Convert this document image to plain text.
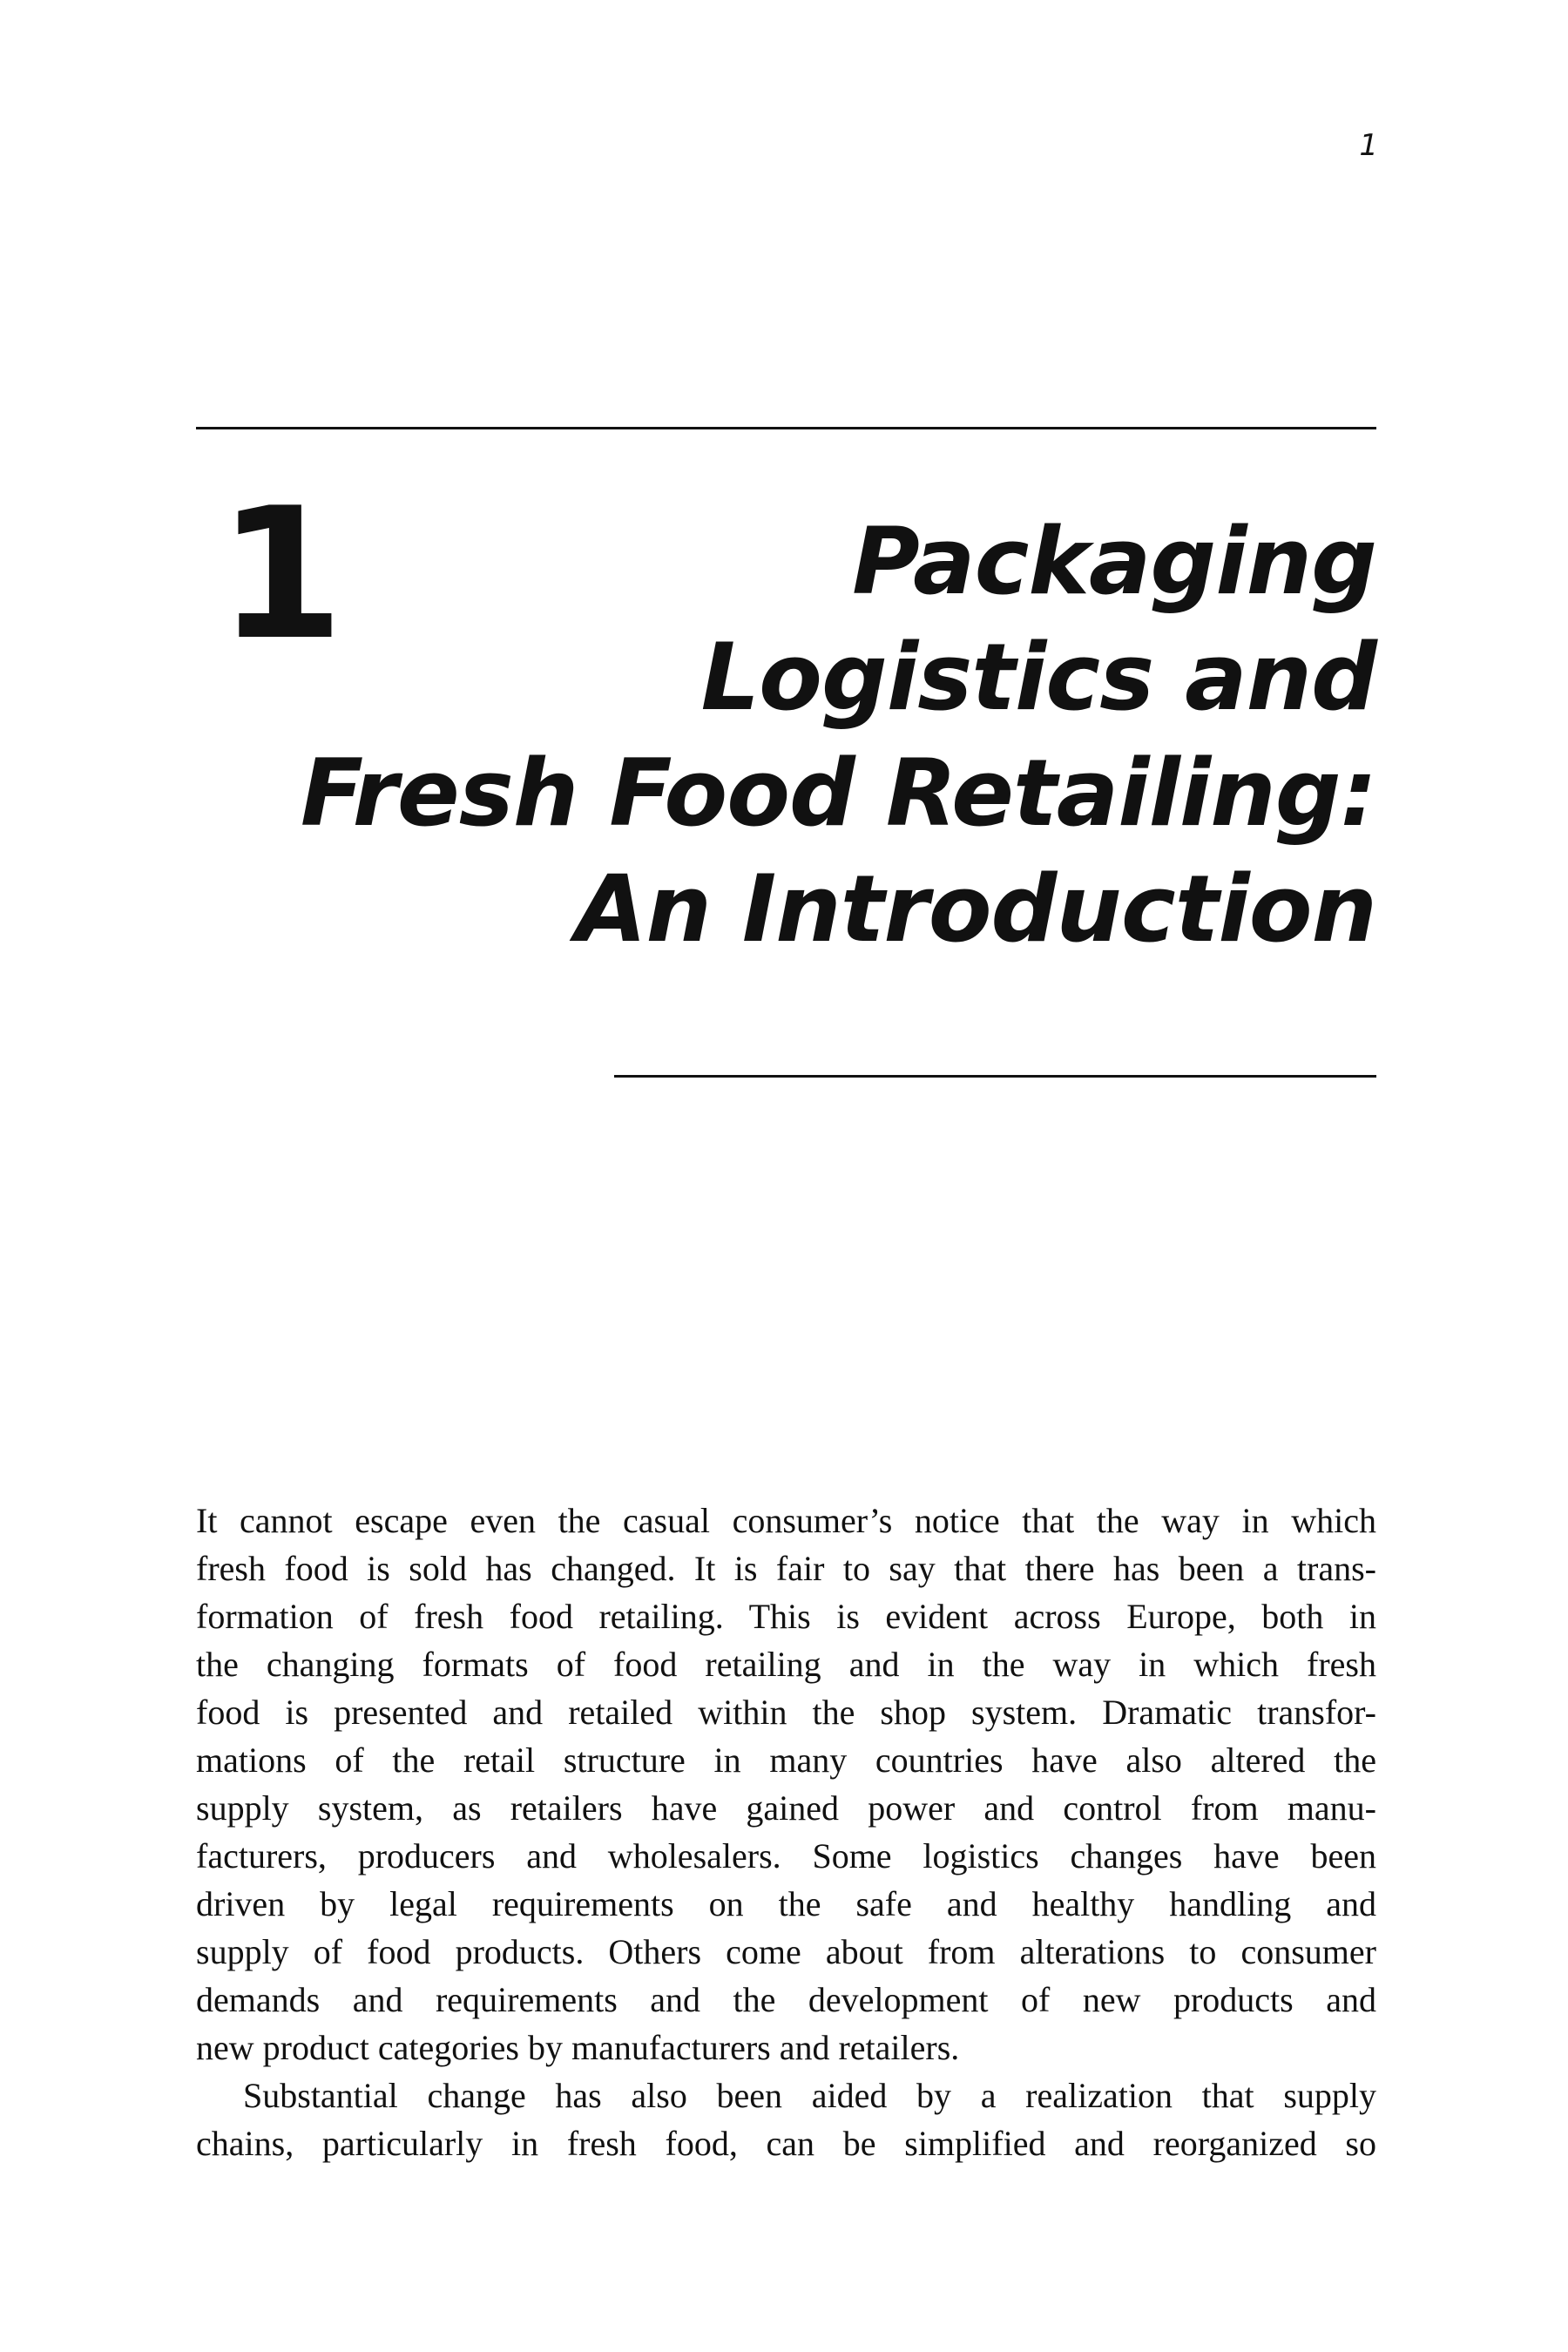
1
1	Packaging
Logistics and
Fresh Food Retailing:
An Introduction

It cannot escape even the casual consumer’s notice that the way in which
fresh food is sold has changed. It is fair to say that there has been a trans-
formation of fresh food retailing. This is evident across Europe, both in
the changing formats of food retailing and in the way in which fresh
food is presented and retailed within the shop system. Dramatic transfor-
mations of the retail structure in many countries have also altered the
supply system, as retailers have gained power and control from manu-
facturers, producers and wholesalers. Some logistics changes have been
driven by legal requirements on the safe and healthy handling and
supply of food products. Others come about from alterations to consumer
demands and requirements and the development of new products and
new product categories by manufacturers and retailers.

Substantial change has also been aided by a realization that supply
chains, particularly in fresh food, can be simplified and reorganized so
